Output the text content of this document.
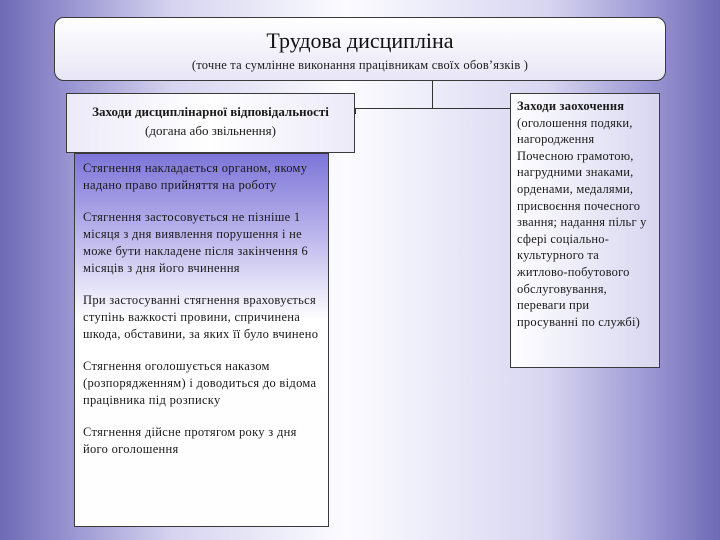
- - - - - - -
Трудова дисципліна
(точне та сумлінне виконання працівникам своїх обов’язків )
Заходи дисциплінарної відповідальності
(догана або звільнення)

Стягнення накладається органом, якому надано право прийняття на роботу

Стягнення застосовується не пізніше 1 місяця з дня виявлення порушення і не може бути накладене після закінчення 6 місяців з дня його вчинення

При застосуванні стягнення враховується ступінь важкості провини, спричинена шкода, обставини, за яких її було вчинено

Стягнення оголошується наказом (розпорядженням) і доводиться до відома працівника під розписку

Стягнення дійсне протягом року з дня його оголошення

Заходи заохочення
(оголошення подяки, нагородження Почесною грамотою, нагрудними знаками, орденами, медалями, присвоєння почесного звання; надання пільг у сфері соціально-культурного та житлово-побутового обслуговування, переваги при просуванні по службі)
